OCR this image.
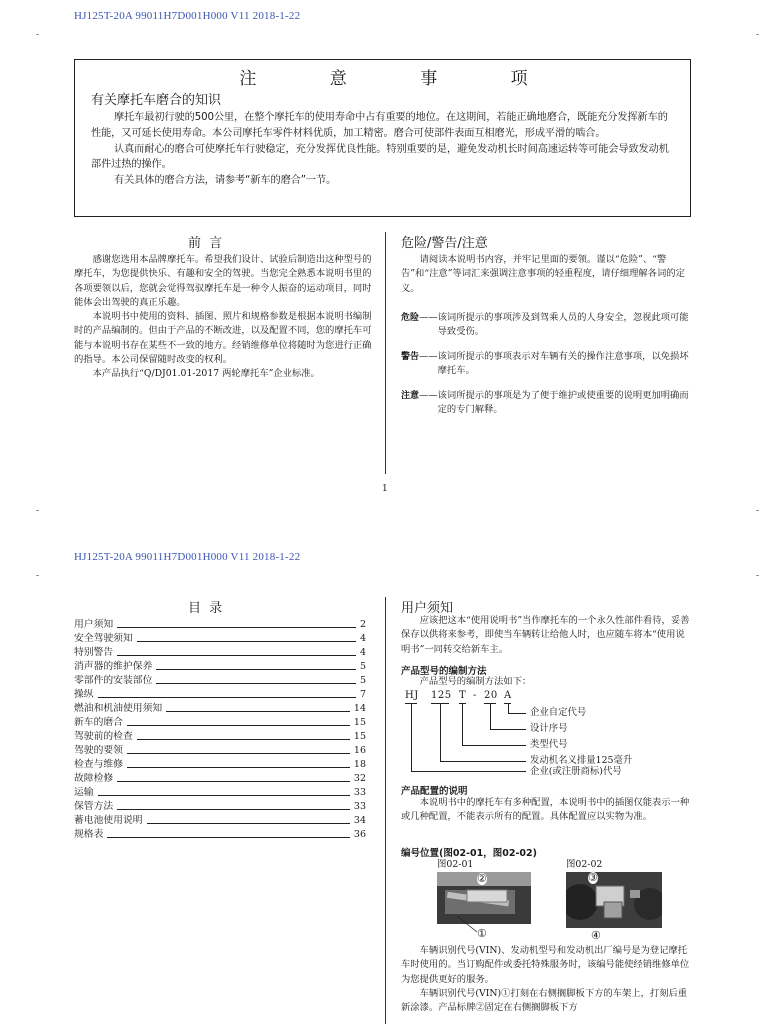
HJ125T-20A 99011H7D001H000 V11 2018-1-22
注 意 事 项
有关摩托车磨合的知识

摩托车最初行驶的500公里，在整个摩托车的使用寿命中占有重要的地位。在这期间，若能正确地磨合，既能充分发挥新车的性能，又可延长使用寿命。本公司摩托车零件材料优质，加工精密。磨合可使部件表面互相磨光，形成平滑的啮合。

认真而耐心的磨合可使摩托车行驶稳定，充分发挥优良性能。特别重要的是，避免发动机长时间高速运转等可能会导致发动机部件过热的操作。

有关具体的磨合方法，请参考“新车的磨合”一节。

前 言

感谢您选用本品牌摩托车。希望我们设计、试验后制造出这种型号的摩托车，为您提供快乐、有趣和安全的驾驶。当您完全熟悉本说明书里的各项要领以后，您就会觉得驾驭摩托车是一种令人振奋的运动项目，同时能体会出驾驶的真正乐趣。

本说明书中使用的资料、插图、照片和规格参数是根据本说明书编制时的产品编制的。但由于产品的不断改进，以及配置不同，您的摩托车可能与本说明书存在某些不一致的地方。经销维修单位将随时为您进行正确的指导。本公司保留随时改变的权利。

本产品执行“Q/DJ01.01-2017 两轮摩托车”企业标准。

危险/警告/注意

请阅读本说明书内容，并牢记里面的要领。谨以“危险”、“警告”和“注意”等词汇来强调注意事项的轻重程度，请仔细理解各词的定义。

危险—— 该词所提示的事项涉及到驾乘人员的人身安全，忽视此项可能导致受伤。
警告—— 该词所提示的事项表示对车辆有关的操作注意事项，以免损坏摩托车。
注意—— 该词所提示的事项是为了便于维护或使重要的说明更加明确而定的专门解释。
1
HJ125T-20A 99011H7D001H000 V11 2018-1-22
目 录
用户须知	2
安全驾驶须知	4
特别警告	4
消声器的维护保养	5
零部件的安装部位	5
操纵	7
燃油和机油使用须知	14
新车的磨合	15
驾驶前的检查	15
驾驶的要领	16
检查与维修	18
故障检修	32
运输	33
保管方法	33
蓄电池使用说明	34
规格表	36
用户须知

应该把这本“使用说明书”当作摩托车的一个永久性部件看待，妥善保存以供将来参考，即使当车辆转让给他人时，也应随车将本“使用说明书”一同转交给新车主。

产品型号的编制方法

产品型号的编制方法如下：

HJ 125 T - 20 A
企业自定代号
设计序号
类型代号
发动机名义排量125毫升
企业(或注册商标)代号
产品配置的说明

本说明书中的摩托车有多种配置，本说明书中的插图仅能表示一种或几种配置，不能表示所有的配置。具体配置应以实物为准。

编号位置(图02-01，图02-02)
图02-01	图02-02
②
①
③
④

车辆识别代号(VIN)、发动机型号和发动机出厂编号是为登记摩托车时使用的。当订购配件或委托特殊服务时，该编号能使经销维修单位为您提供更好的服务。

车辆识别代号(VIN)①打刻在右侧搁脚板下方的车架上，打刻后重新涂漆。产品标牌②固定在右侧搁脚板下方
